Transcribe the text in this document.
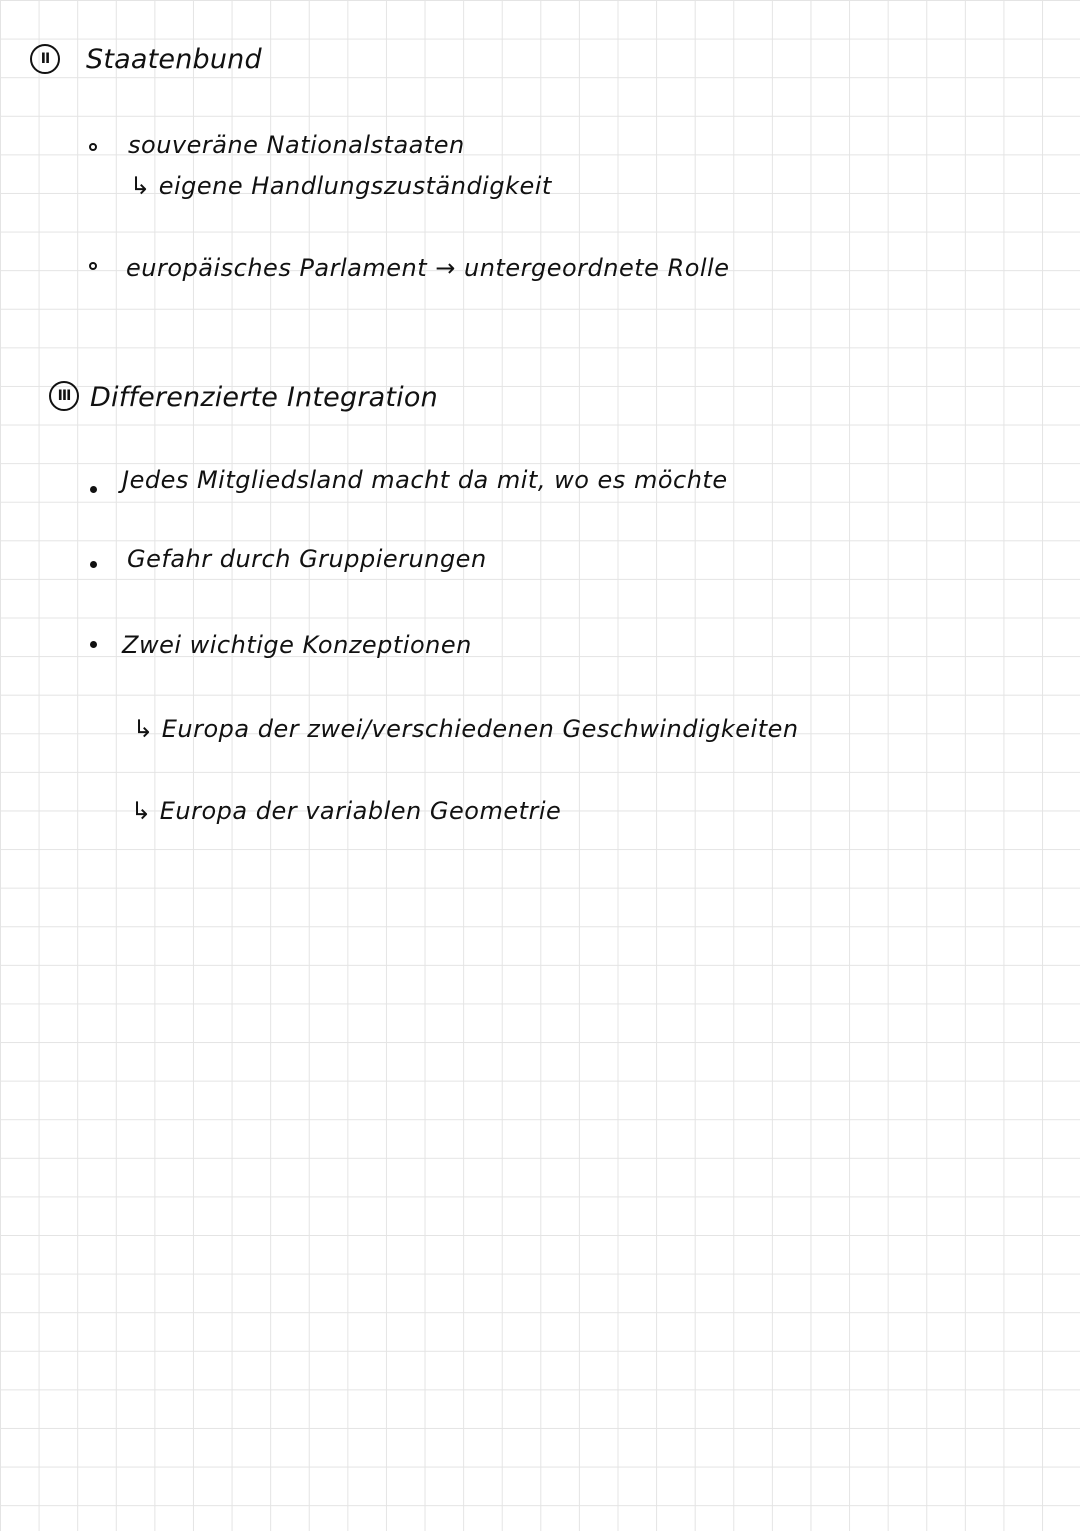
II	Staatenbund
souveräne Nationalstaaten
↳ eigene Handlungszuständigkeit
europäisches Parlament → untergeordnete Rolle
III Differenzierte Integration
Jedes Mitgliedsland macht da mit, wo es möchte
Gefahr durch Gruppierungen
Zwei wichtige Konzeptionen
↳ Europa der zwei/verschiedenen Geschwindigkeiten
↳ Europa der variablen Geometrie
